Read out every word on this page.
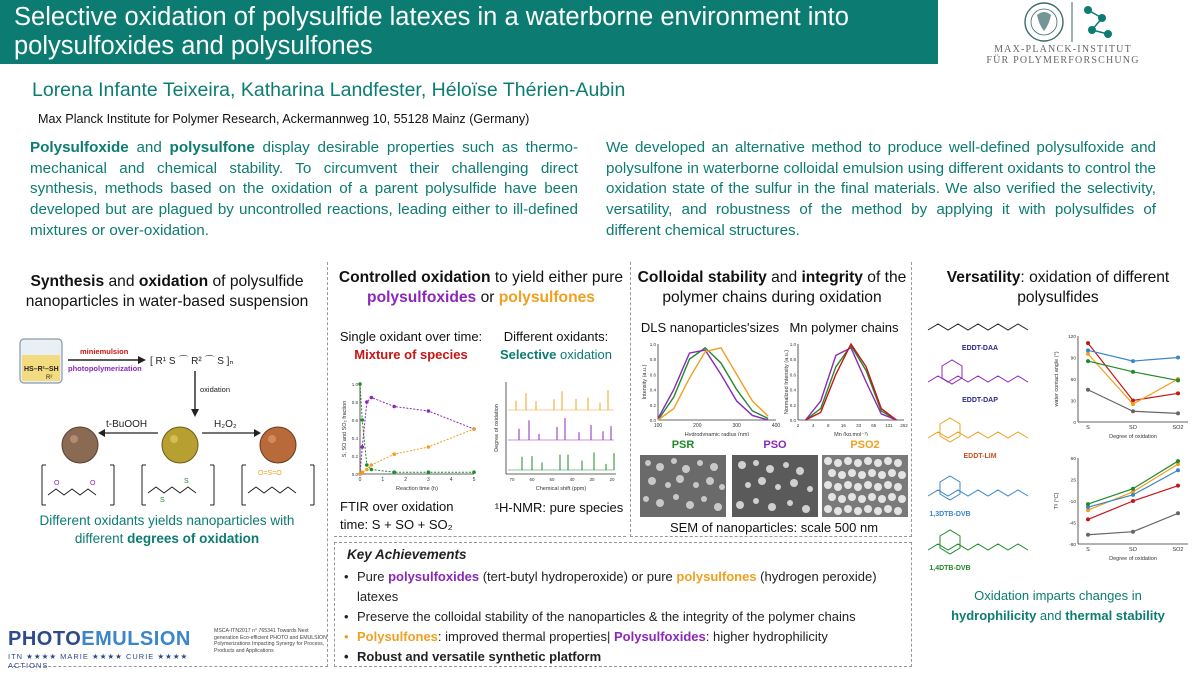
Selective oxidation of polysulfide latexes in a waterborne environment into polysulfoxides and polysulfones	MAX-PLANCK-INSTITUT
FÜR POLYMERFORSCHUNG
Lorena Infante Teixeira, Katharina Landfester, Héloïse Thérien-Aubin
Max Planck Institute for Polymer Research, Ackermannweg 10, 55128 Mainz (Germany)
Polysulfoxide and polysulfone display desirable properties such as thermo-mechanical and chemical stability. To circumvent their challenging direct synthesis, methods based on the oxidation of a parent polysulfide have been developed but are plagued by uncontrolled reactions, leading either to ill-defined mixtures or over-oxidation.
We developed an alternative method to produce well-defined polysulfoxide and polysulfone in waterborne colloidal emulsion using different oxidants to control the oxidation state of the sulfur in the final materials. We also verified the selectivity, versatility, and robustness of the method by applying it with polysulfides of different chemical structures.
Synthesis and oxidation of polysulfide nanoparticles in water-based suspension
HS–R¹–SH
R²
miniemulsion
photopolymerization
[ R¹ S ⌒ R² ⌒ S ]ₙ
oxidation
t-BuOOH	H₂O₂
O	O
S
S
O=S=O
Different oxidants yields nanoparticles with different degrees of oxidation
Controlled oxidation to yield either pure polysulfoxides or polysulfones
Single oxidant over time:
Mixture of species
Different oxidants:
Selective oxidation
Reaction time (h)
S, SO and SO₂ fraction
0	1	2	3	4	5
0.0
0.2
0.4
0.6
0.8
1.0
Chemical shift (ppm)
Degree of oxidation
70	60	50	40	30	20
FTIR over oxidation time: S + SO + SO₂
¹H-NMR: pure species
Colloidal stability and integrity of the polymer chains during oxidation
DLS nanoparticles'sizes Mn polymer chains
Hydrodynamic radius (nm)
Intensity (a.u.)
100	200	300	400
0.0
0.2
0.4
0.6
0.8
1.0
Mn (kg.mol⁻¹)
Normalized Intensity (a.u.)
2	4	8	16 33 65 131 262
0.0
0.2
0.4
0.6
0.8
1.0
PSR	PSO	PSO2
SEM of nanoparticles: scale 500 nm
Key Achievements
• Pure polysulfoxides (tert-butyl hydroperoxide) or pure polysulfones (hydrogen peroxide) latexes
• Preserve the colloidal stability of the nanoparticles & the integrity of the polymer chains
• Polysulfones: improved thermal properties| Polysulfoxides: higher hydrophilicity
• Robust and versatile synthetic platform
Versatility: oxidation of different polysulfides
EDDT-DAA
EDDT-DAP
EDDT-LIM
1,3DTB-DVB
1,4DTB-DVB
Degree of oxidation
water contact angle (°)
S	SO	SO2
0
30
60
90
120
Degree of oxidation
Tᵍ (°C)
S	SO	SO2
-80
-45
-10
25
60
Oxidation imparts changes in
hydrophilicity and thermal stability
PHOTOEMULSION
ITN ★★★★ MARIE ★★★★ CURIE ★★★★ ACTIONS
MSCA-ITN2017 n° 765341 Towards Next generation Eco-efficient PHOTO and EMULSION Polymerizations Impacting Synergy for Process, Products and Applications
